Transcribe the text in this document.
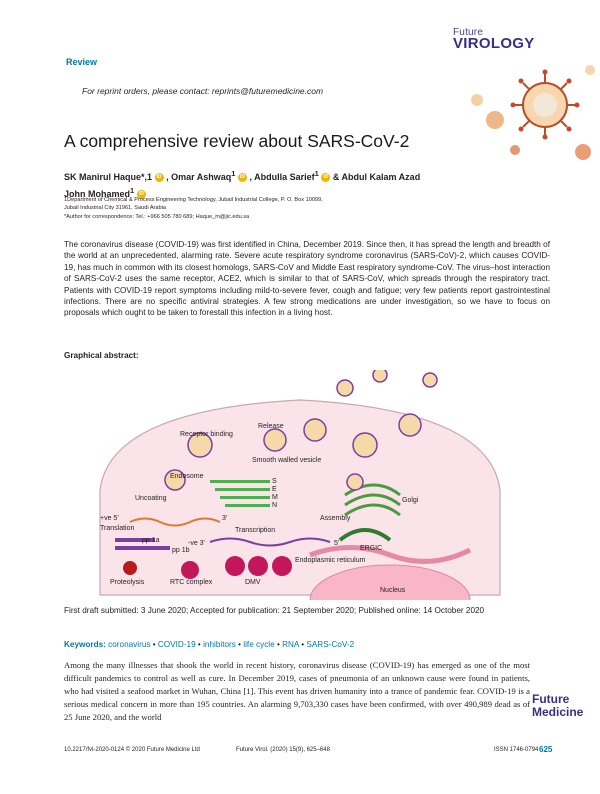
Future
VIROLOGY
Review
For reprint orders, please contact: reprints@futuremedicine.com
A comprehensive review about SARS-CoV-2
SK Manirul Haque*,1 iD , Omar Ashwaq$^1$ iD , Abdulla Sarief$^1$ iD & Abdul Kalam Azad John Mohamed$^1$ iD
1Department of Chemical & Process Engineering Technology, Jubail Industrial College, P. O. Box 10099, Jubail Industrial City 31961, Saudi Arabia
*Author for correspondence: Tel.: +966 505 780 689; Haque_m@jic.edu.sa
The coronavirus disease (COVID-19) was first identified in China, December 2019. Since then, it has spread the length and breadth of the world at an unprecedented, alarming rate. Severe acute respiratory syndrome coronavirus (SARS-CoV)-2, which causes COVID-19, has much in common with its closest homologs, SARS-CoV and Middle East respiratory syndrome-CoV. The virus–host interaction of SARS-CoV-2 uses the same receptor, ACE2, which is similar to that of SARS-CoV, which spreads through the respiratory tract. Patients with COVID-19 report symptoms including mild-to-severe fever, cough and fatigue; very few patients report gastrointestinal infections. There are no specific antiviral strategies. A few strong medications are under investigation, so we have to focus on proposals which ought to be taken to forestall this infection in a living host.
Graphical abstract:
Receptor binding
Release
Endosome
Smooth walled vesicle
Uncoating	Golgi
S
E
M
N
Assembly
+ve 5'
Translation
3'
Transcription
ERGIC
pp 1a
pp 1b
-ve 3'	5'
Endoplasmic reticulum
Proteolysis	RTC complex	DMV
Nucleus
First draft submitted: 3 June 2020; Accepted for publication: 21 September 2020; Published online: 14 October 2020
Keywords: coronavirus • COVID-19 • inhibitors • life cycle • RNA • SARS-CoV-2
Among the many illnesses that shook the world in recent history, coronavirus disease (COVID-19) has emerged as one of the most difficult pandemics to control as well as cure. In December 2019, cases of pneumonia of an unknown cause were found in patients, who had visited a seafood market in Wuhan, China [1]. This event has driven humanity into a trance of pandemic fear. COVID-19 is a serious medical concern in more than 195 countries. An alarming 9,703,330 cases have been confirmed, with over 490,989 dead as of 25 June 2020, and the world
Future
Medicine
10.2217/fvl-2020-0124 © 2020 Future Medicine Ltd	Future Virol. (2020) 15(9), 625–648	ISSN 1746-0794 625
